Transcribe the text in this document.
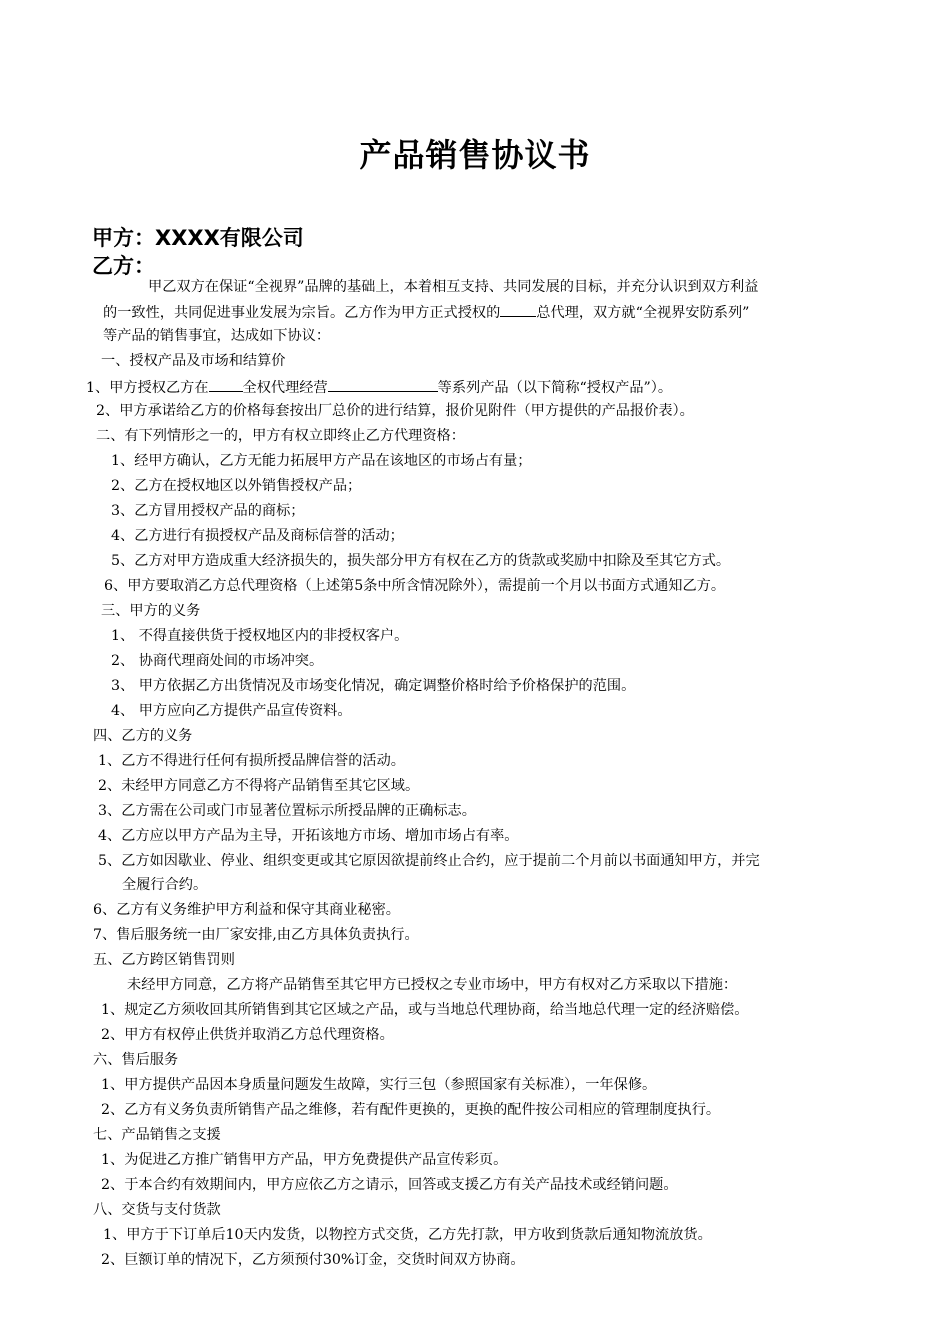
产品销售协议书
甲方：XXXX有限公司
乙方：
甲乙双方在保证“全视界”品牌的基础上，本着相互支持、共同发展的目标，并充分认识到双方利益
的一致性，共同促进事业发展为宗旨。乙方作为甲方正式授权的	总代理，双方就“全视界安防系列”
等产品的销售事宜，达成如下协议：
一、授权产品及市场和结算价
1、甲方授权乙方在 全权代理经营	等系列产品（以下简称“授权产品”）。
2、甲方承诺给乙方的价格每套按出厂总价的进行结算，报价见附件（甲方提供的产品报价表）。
二、有下列情形之一的，甲方有权立即终止乙方代理资格：
1、经甲方确认，乙方无能力拓展甲方产品在该地区的市场占有量；
2、乙方在授权地区以外销售授权产品；
3、乙方冒用授权产品的商标；
4、乙方进行有损授权产品及商标信誉的活动；
5、乙方对甲方造成重大经济损失的，损失部分甲方有权在乙方的货款或奖励中扣除及至其它方式。
6、甲方要取消乙方总代理资格（上述第5条中所含情况除外），需提前一个月以书面方式通知乙方。
三、甲方的义务
1、 不得直接供货于授权地区内的非授权客户。
2、 协商代理商处间的市场冲突。
3、 甲方依据乙方出货情况及市场变化情况，确定调整价格时给予价格保护的范围。
4、 甲方应向乙方提供产品宣传资料。
四、乙方的义务
1、乙方不得进行任何有损所授品牌信誉的活动。
2、未经甲方同意乙方不得将产品销售至其它区域。
3、乙方需在公司或门市显著位置标示所授品牌的正确标志。
4、乙方应以甲方产品为主导，开拓该地方市场、增加市场占有率。
5、乙方如因歇业、停业、组织变更或其它原因欲提前终止合约，应于提前二个月前以书面通知甲方，并完
全履行合约。
6、乙方有义务维护甲方利益和保守其商业秘密。
7、售后服务统一由厂家安排,由乙方具体负责执行。
五、乙方跨区销售罚则
未经甲方同意，乙方将产品销售至其它甲方已授权之专业市场中，甲方有权对乙方采取以下措施：
1、规定乙方须收回其所销售到其它区域之产品，或与当地总代理协商，给当地总代理一定的经济赔偿。
2、甲方有权停止供货并取消乙方总代理资格。
六、售后服务
1、甲方提供产品因本身质量问题发生故障，实行三包（参照国家有关标准），一年保修。
2、乙方有义务负责所销售产品之维修，若有配件更换的，更换的配件按公司相应的管理制度执行。
七、产品销售之支援
1、为促进乙方推广销售甲方产品，甲方免费提供产品宣传彩页。
2、于本合约有效期间内，甲方应依乙方之请示，回答或支援乙方有关产品技术或经销问题。
八、交货与支付货款
1、甲方于下订单后10天内发货，以物控方式交货，乙方先打款，甲方收到货款后通知物流放货。
2、巨额订单的情况下，乙方须预付30%订金，交货时间双方协商。
